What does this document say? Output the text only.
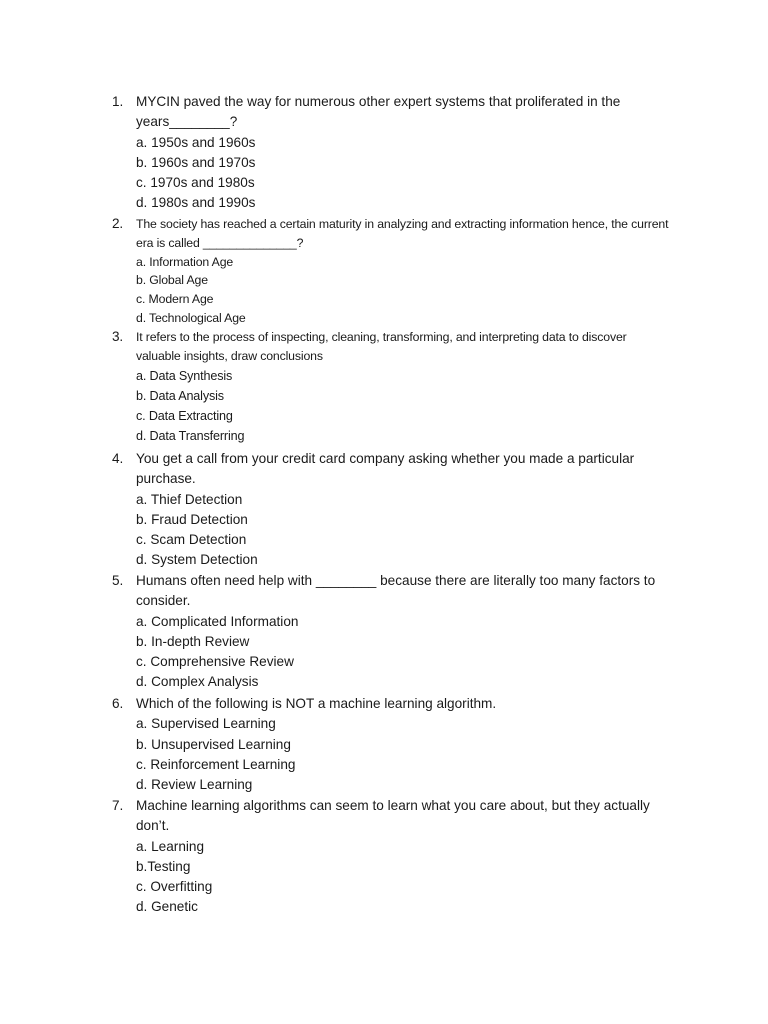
1. MYCIN paved the way for numerous other expert systems that proliferated in the years________?
a. 1950s and 1960s
b. 1960s and 1970s
c. 1970s and 1980s
d. 1980s and 1990s
2.	The society has reached a certain maturity in analyzing and extracting information hence, the current era is called ______________?
a. Information Age
b. Global Age
c. Modern Age
d. Technological Age
3.	It refers to the process of inspecting, cleaning, transforming, and interpreting data to discover valuable insights, draw conclusions
a. Data Synthesis
b. Data Analysis
c. Data Extracting
d. Data Transferring
4. You get a call from your credit card company asking whether you made a particular purchase.
a. Thief Detection
b. Fraud Detection
c. Scam Detection
d. System Detection
5. Humans often need help with ________ because there are literally too many factors to consider.
a. Complicated Information
b. In-depth Review
c. Comprehensive Review
d. Complex Analysis
6. Which of the following is NOT a machine learning algorithm.
a. Supervised Learning
b. Unsupervised Learning
c. Reinforcement Learning
d. Review Learning
7. Machine learning algorithms can seem to learn what you care about, but they actually don’t.
a. Learning
b.Testing
c. Overfitting
d. Genetic
